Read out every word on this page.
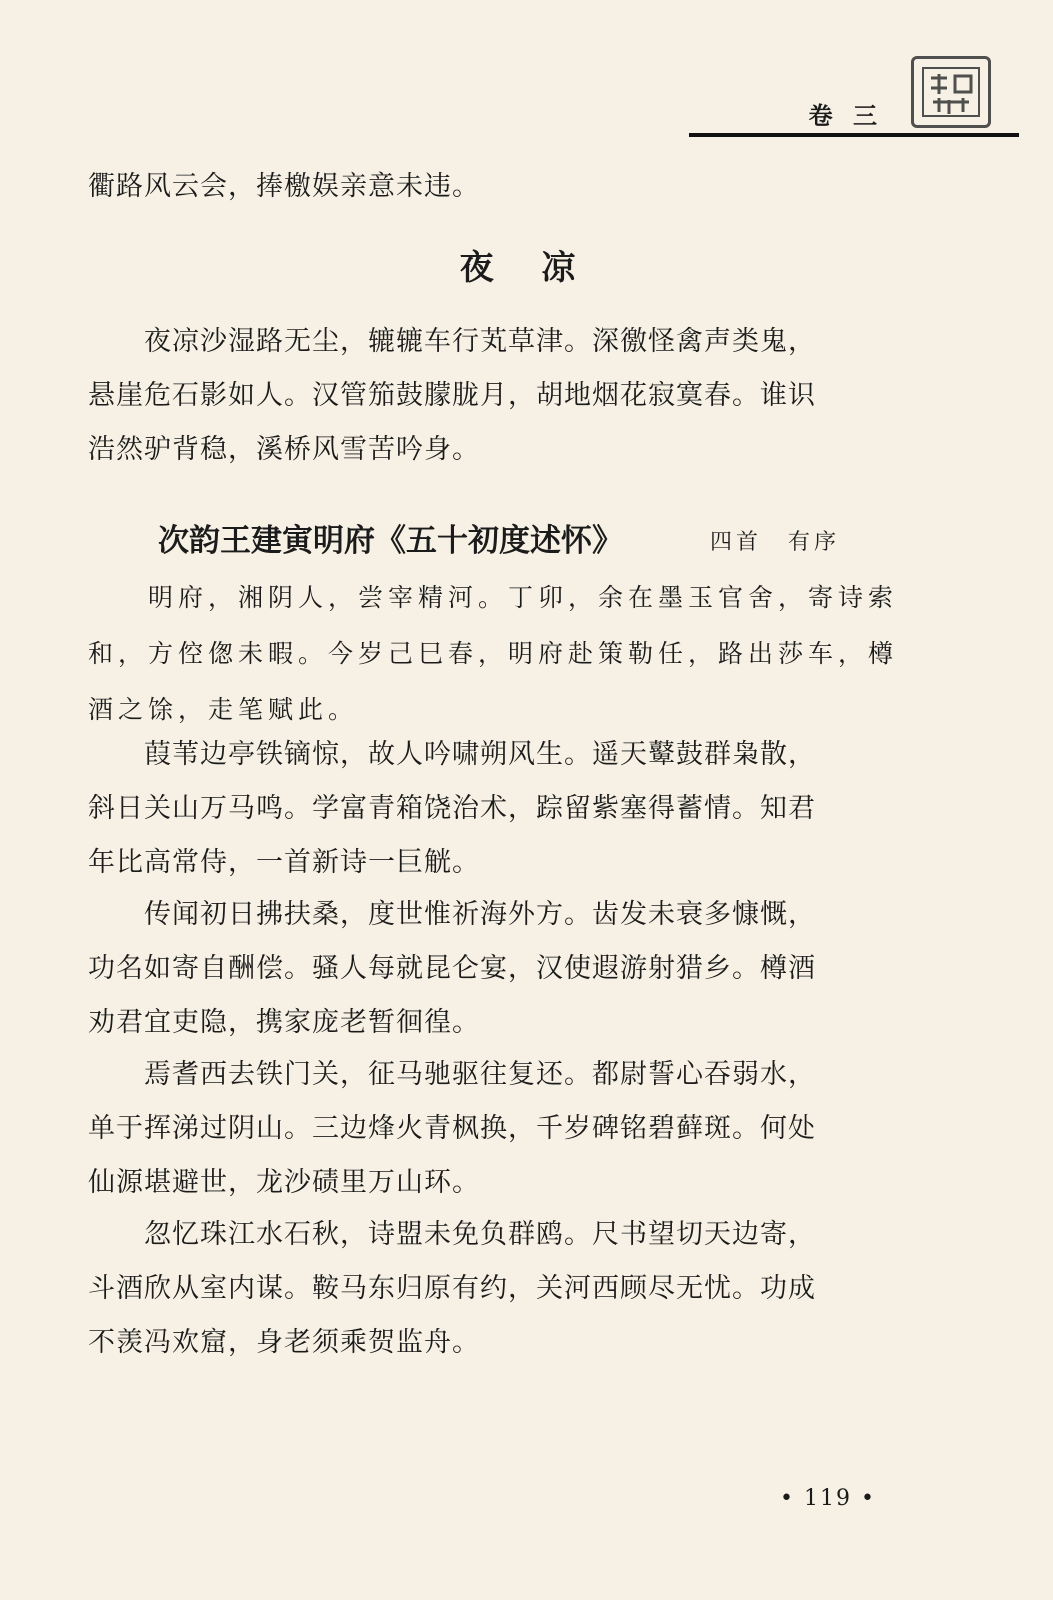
卷 三
衢路风云会，捧檄娱亲意未违。
夜 凉
　　夜凉沙湿路无尘，辘辘车行芄草津。深徼怪禽声类鬼，
悬崖危石影如人。汉管笳鼓朦胧月，胡地烟花寂寞春。谁识
浩然驴背稳，溪桥风雪苦吟身。
次韵王建寅明府《五十初度述怀》	四首　有序
　　明府，湘阴人，尝宰精河。丁卯，余在墨玉官舍，寄诗索
和，方倥偬未暇。今岁己巳春，明府赴策勒任，路出莎车，樽
酒之馀，走笔赋此。
　　葭苇边亭铁镝惊，故人吟啸朔风生。遥天鼙鼓群枭散，
斜日关山万马鸣。学富青箱饶治术，踪留紫塞得蓄情。知君
年比高常侍，一首新诗一巨觥。
　　传闻初日拂扶桑，度世惟祈海外方。齿发未衰多慷慨，
功名如寄自酬偿。骚人每就昆仑宴，汉使遐游射猎乡。樽酒
劝君宜吏隐，携家庞老暂徊徨。
　　焉耆西去铁门关，征马驰驱往复还。都尉誓心吞弱水，
单于挥涕过阴山。三边烽火青枫换，千岁碑铭碧藓斑。何处
仙源堪避世，龙沙碛里万山环。
　　忽忆珠江水石秋，诗盟未免负群鸥。尺书望切天边寄，
斗酒欣从室内谋。鞍马东归原有约，关河西顾尽无忧。功成
不羡冯欢窟，身老须乘贺监舟。
• 119 •
